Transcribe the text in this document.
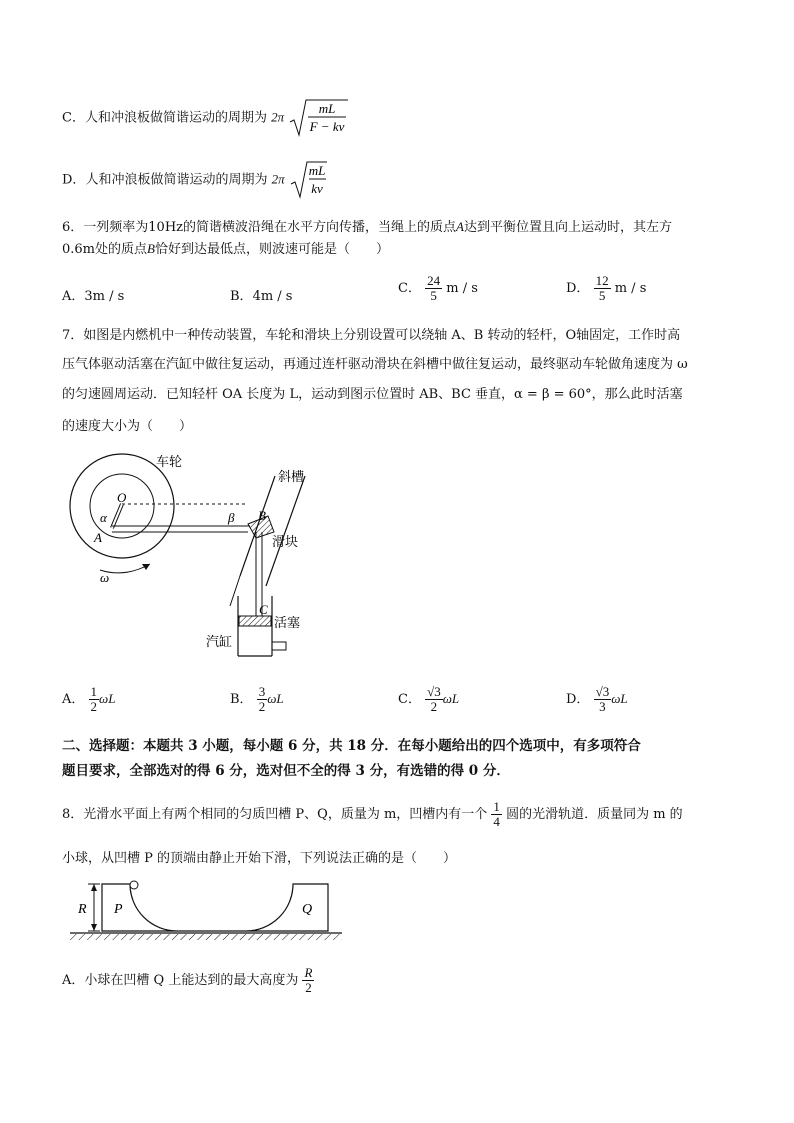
C．人和冲浪板做简谐运动的周期为 2π
mL
F − kv
D．人和冲浪板做简谐运动的周期为 2π
mL
kv
6．一列频率为10Hz的简谐横波沿绳在水平方向传播，当绳上的质点A达到平衡位置且向上运动时，其左方
0.6m处的质点B恰好到达最低点，则波速可能是（　　）
A．3m / s	B．4m / s
C． $\frac{24}{5}$ m / s	D． $\frac{12}{5}$ m / s
7．如图是内燃机中一种传动装置，车轮和滑块上分别设置可以绕轴 A、B 转动的轻杆，O轴固定，工作时高
压气体驱动活塞在汽缸中做往复运动，再通过连杆驱动滑块在斜槽中做往复运动，最终驱动车轮做角速度为 ω
的匀速圆周运动．已知轻杆 OA 长度为 L，运动到图示位置时 AB、BC 垂直，α = β = 60°，那么此时活塞
的速度大小为（　　）
车轮
斜槽
滑块
活塞
汽缸
O
A
B
C
α	β
ω
A． $\frac{1}{2}$ ωL	B． $\frac{3}{2}$ ωL	C． $\frac{√3}{2}$ ωL	D． $\frac{√3}{3}$ ωL
二、选择题：本题共 3 小题，每小题 6 分，共 18 分．在每小题给出的四个选项中，有多项符合
题目要求，全部选对的得 6 分，选对但不全的得 3 分，有选错的得 0 分．
8．光滑水平面上有两个相同的匀质凹槽 P、Q，质量为 m，凹槽内有一个 $\frac{1}{4}$ 圆的光滑轨道．质量同为 m 的
小球，从凹槽 P 的顶端由静止开始下滑，下列说法正确的是（　　）
R P	Q
A．小球在凹槽 Q 上能达到的最大高度为 $\frac{R}{2}$
